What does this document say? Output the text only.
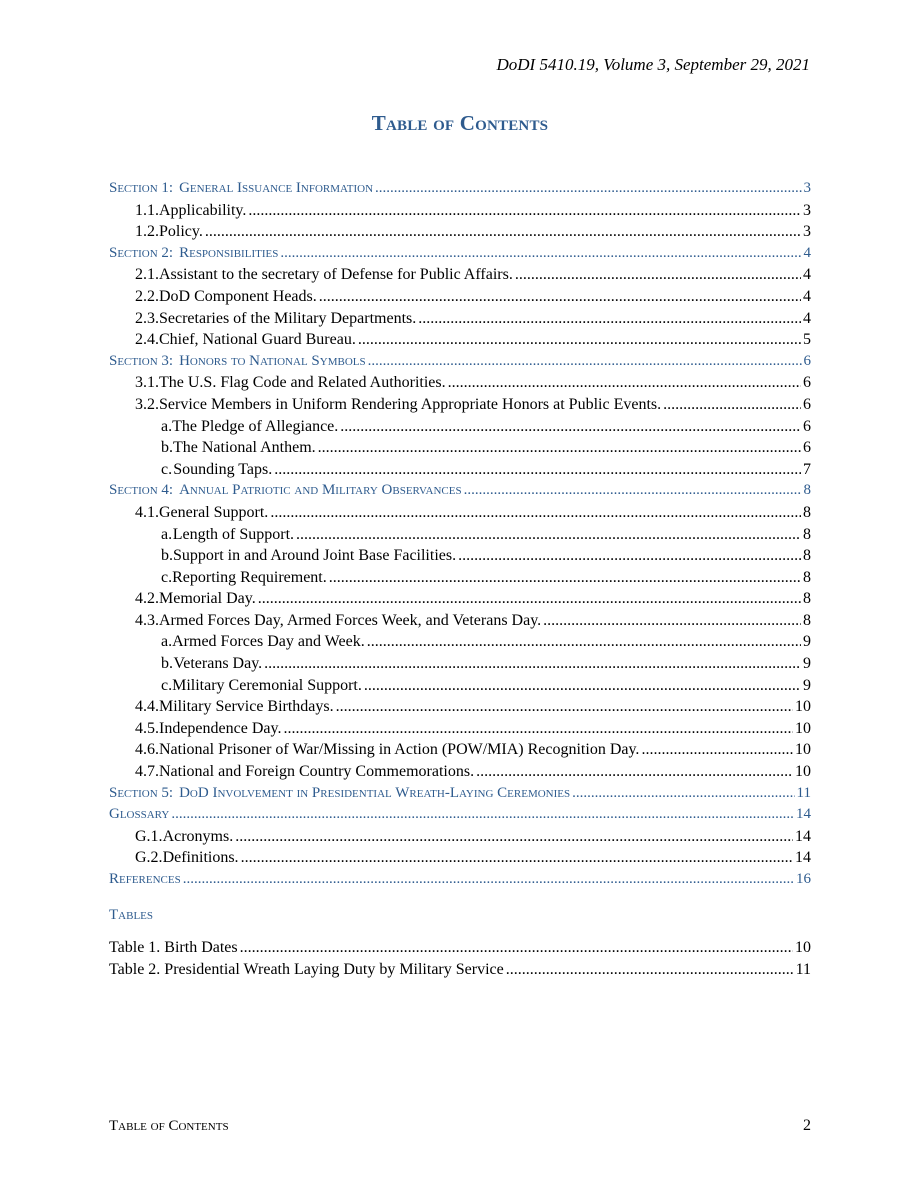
DoDI 5410.19, Volume 3, September 29, 2021
Table of Contents
Section 1: General Issuance Information .....	3
1.1. Applicability. .....	3
1.2. Policy. .....	3
Section 2: Responsibilities .....	4
2.1. Assistant to the secretary of Defense for Public Affairs. .....	4
2.2. DoD Component Heads. .....	4
2.3. Secretaries of the Military Departments. .....	4
2.4. Chief, National Guard Bureau. .....	5
Section 3: Honors to National Symbols .....	6
3.1. The U.S. Flag Code and Related Authorities. .....	6
3.2. Service Members in Uniform Rendering Appropriate Honors at Public Events. .....	6
a. The Pledge of Allegiance. .....	6
b. The National Anthem. .....	6
c. Sounding Taps. .....	7
Section 4: Annual Patriotic and Military Observances .....	8
4.1. General Support. .....	8
a. Length of Support. .....	8
b. Support in and Around Joint Base Facilities. .....	8
c. Reporting Requirement. .....	8
4.2. Memorial Day. .....	8
4.3. Armed Forces Day, Armed Forces Week, and Veterans Day. .....	8
a. Armed Forces Day and Week. .....	9
b. Veterans Day. .....	9
c. Military Ceremonial Support. .....	9
4.4. Military Service Birthdays. .....	10
4.5. Independence Day. .....	10
4.6. National Prisoner of War/Missing in Action (POW/MIA) Recognition Day. .....	10
4.7. National and Foreign Country Commemorations. .....	10
Section 5: DoD Involvement in Presidential Wreath-Laying Ceremonies .....	11
Glossary .....	14
G.1. Acronyms. .....	14
G.2. Definitions. .....	14
References .....	16
Tables
Table 1. Birth Dates .....	10
Table 2. Presidential Wreath Laying Duty by Military Service .....	11
Table of Contents	2
